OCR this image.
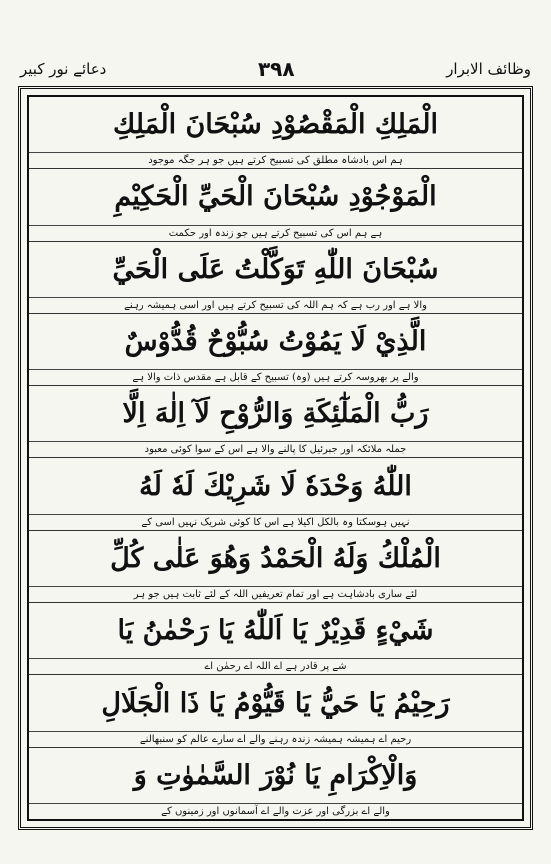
وظائف الابرار
۳۹۸
دعائے نور کبیر
الْمَلِكِ الْمَقْصُوْدِ سُبْحَانَ الْمَلِكِ
ہم اس بادشاہ مطلق کی تسبیح کرتے ہیں جو ہر جگہ موجود
الْمَوْجُوْدِ سُبْحَانَ الْحَيِّ الْحَكِيْمِ
ہے ہم اس کی تسبیح کرتے ہیں جو زندہ اور حکمت
سُبْحَانَ اللّٰهِ تَوَكَّلْتُ عَلَى الْحَيِّ
والا ہے اور رب ہے کہ ہم اللہ کی تسبیح کرتے ہیں اور اسی ہمیشہ رہنے
الَّذِيْ لَا يَمُوْتُ سُبُّوْحٌ قُدُّوْسٌ
والے پر بھروسہ کرتے ہیں (وہ) تسبیح کے قابل ہے مقدس ذات والا ہے
رَبُّ الْمَلٰٓئِكَةِ وَالرُّوْحِ لَآ اِلٰهَ اِلَّا
جملہ ملائکہ اور جبرئیل کا پالنے والا ہے اس کے سوا کوئی معبود
اللّٰهُ وَحْدَهٗ لَا شَرِيْكَ لَهٗ لَهُ
نہیں ہوسکتا وہ بالکل اکیلا ہے اس کا کوئی شریک نہیں اسی کے
الْمُلْكُ وَلَهُ الْحَمْدُ وَهُوَ عَلٰى كُلِّ
لئے ساری بادشاہت ہے اور تمام تعریفیں اللہ کے لئے ثابت ہیں جو ہر
شَيْءٍ قَدِيْرٌ يَا اَللّٰهُ يَا رَحْمٰنُ يَا
شے پر قادر ہے اے اللہ اے رحمٰن اے
رَحِيْمُ يَا حَيُّ يَا قَيُّوْمُ يَا ذَا الْجَلَالِ
رحیم اے ہمیشہ ہمیشہ زندہ رہنے والے اے سارے عالم کو سنبھالنے
وَالْاِكْرَامِ يَا نُوْرَ السَّمٰوٰتِ وَ
والے اے بزرگی اور عزت والے اے آسمانوں اور زمینوں کے
